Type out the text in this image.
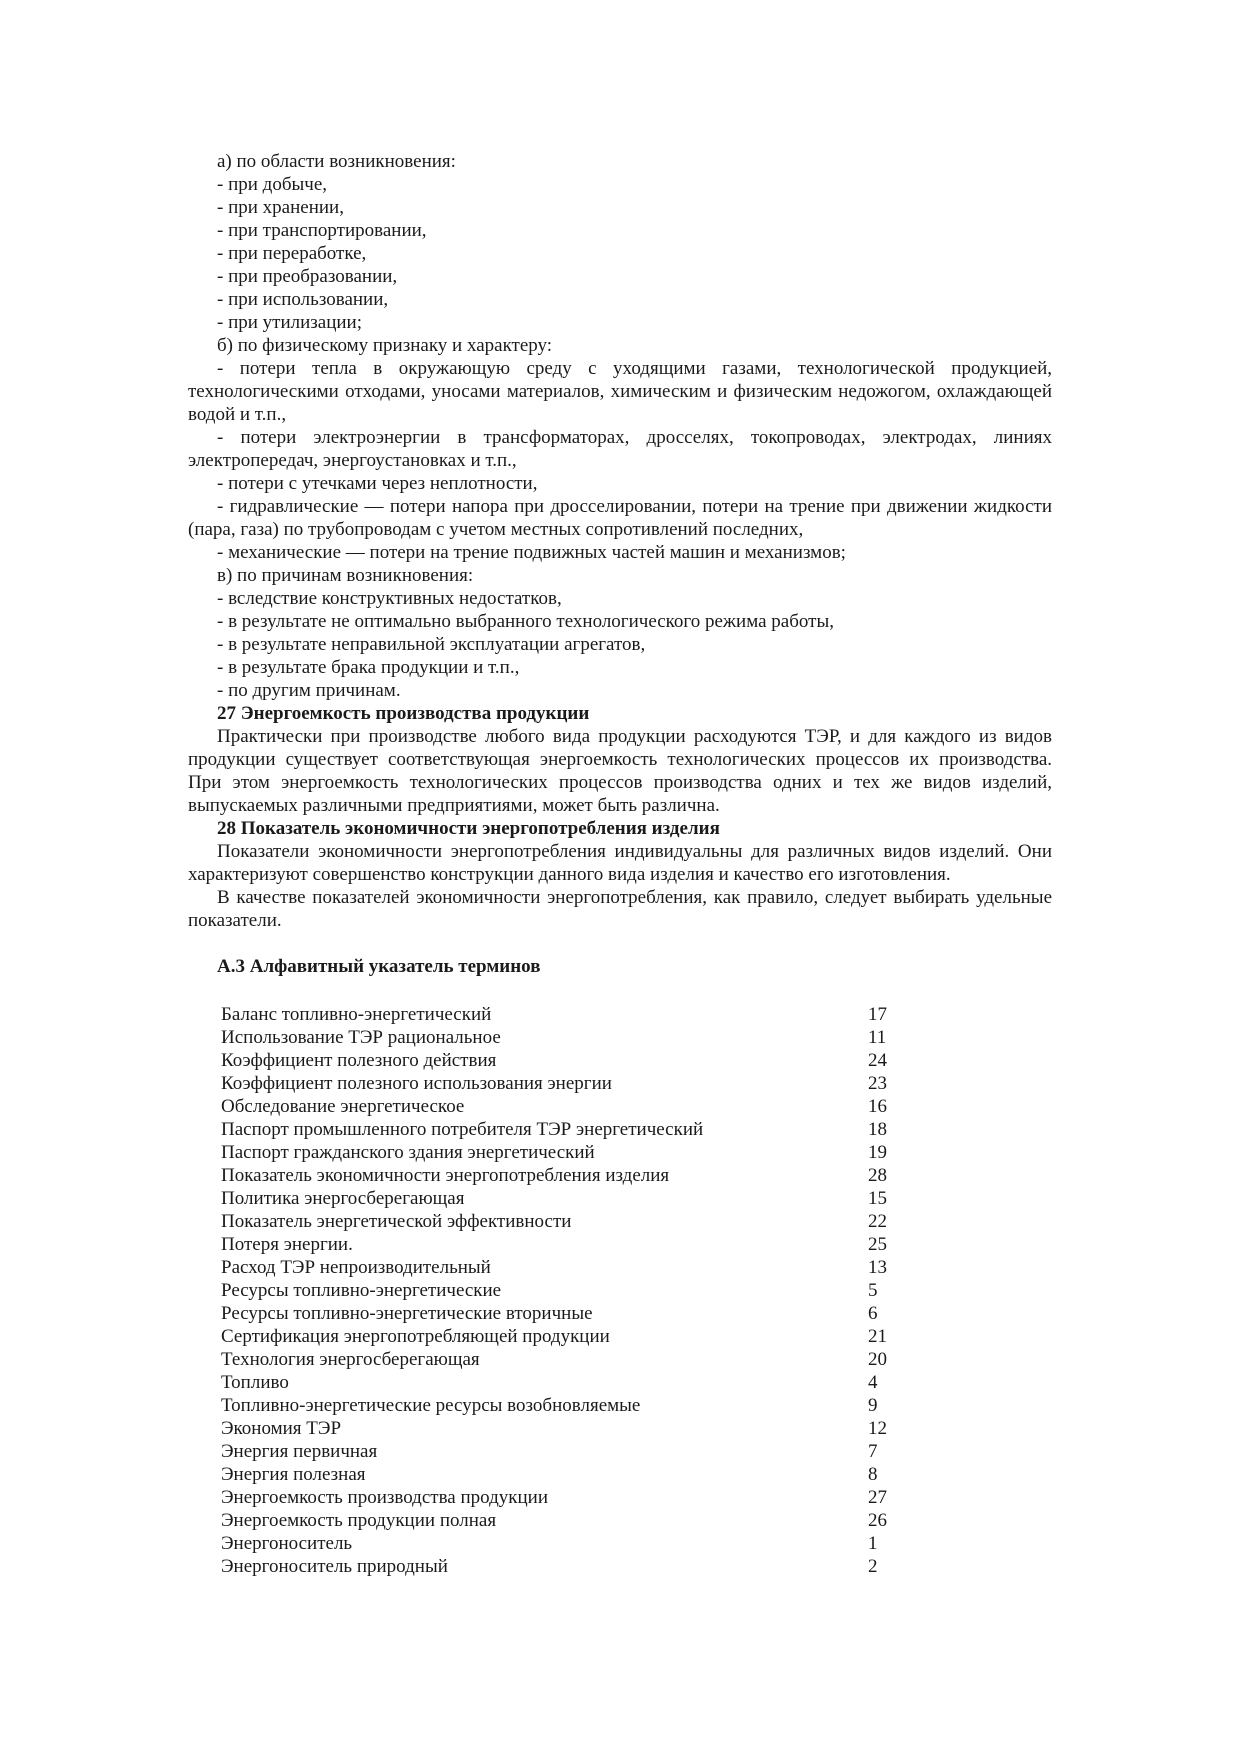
а) по области возникновения:

- при добыче,

- при хранении,

- при транспортировании,

- при переработке,

- при преобразовании,

- при использовании,

- при утилизации;

б) по физическому признаку и характеру:

- потери тепла в окружающую среду с уходящими газами, технологической продукцией, технологическими отходами, уносами материалов, химическим и физическим недожогом, охлаждающей водой и т.п.,

- потери электроэнергии в трансформаторах, дросселях, токопроводах, электродах, линиях электропередач, энергоустановках и т.п.,

- потери с утечками через неплотности,

- гидравлические — потери напора при дросселировании, потери на трение при движении жидкости (пара, газа) по трубопроводам с учетом местных сопротивлений последних,

- механические — потери на трение подвижных частей машин и механизмов;

в) по причинам возникновения:

- вследствие конструктивных недостатков,

- в результате не оптимально выбранного технологического режима работы,

- в результате неправильной эксплуатации агрегатов,

- в результате брака продукции и т.п.,

- по другим причинам.

27 Энергоемкость производства продукции

Практически при производстве любого вида продукции расходуются ТЭР, и для каждого из видов продукции существует соответствующая энергоемкость технологических процессов их производства. При этом энергоемкость технологических процессов производства одних и тех же видов изделий, выпускаемых различными предприятиями, может быть различна.

28 Показатель экономичности энергопотребления изделия

Показатели экономичности энергопотребления индивидуальны для различных видов изделий. Они характеризуют совершенство конструкции данного вида изделия и качество его изготовления.

В качестве показателей экономичности энергопотребления, как правило, следует выбирать удельные показатели.

А.3 Алфавитный указатель терминов

Баланс топливно-энергетический	17
Использование ТЭР рациональное	11
Коэффициент полезного действия	24
Коэффициент полезного использования энергии	23
Обследование энергетическое	16
Паспорт промышленного потребителя ТЭР энергетический	18
Паспорт гражданского здания энергетический	19
Показатель экономичности энергопотребления изделия	28
Политика энергосберегающая	15
Показатель энергетической эффективности	22
Потеря энергии.	25
Расход ТЭР непроизводительный	13
Ресурсы топливно-энергетические	5
Ресурсы топливно-энергетические вторичные	6
Сертификация энергопотребляющей продукции	21
Технология энергосберегающая	20
Топливо	4
Топливно-энергетические ресурсы возобновляемые	9
Экономия ТЭР	12
Энергия первичная	7
Энергия полезная	8
Энергоемкость производства продукции	27
Энергоемкость продукции полная	26
Энергоноситель	1
Энергоноситель природный	2
